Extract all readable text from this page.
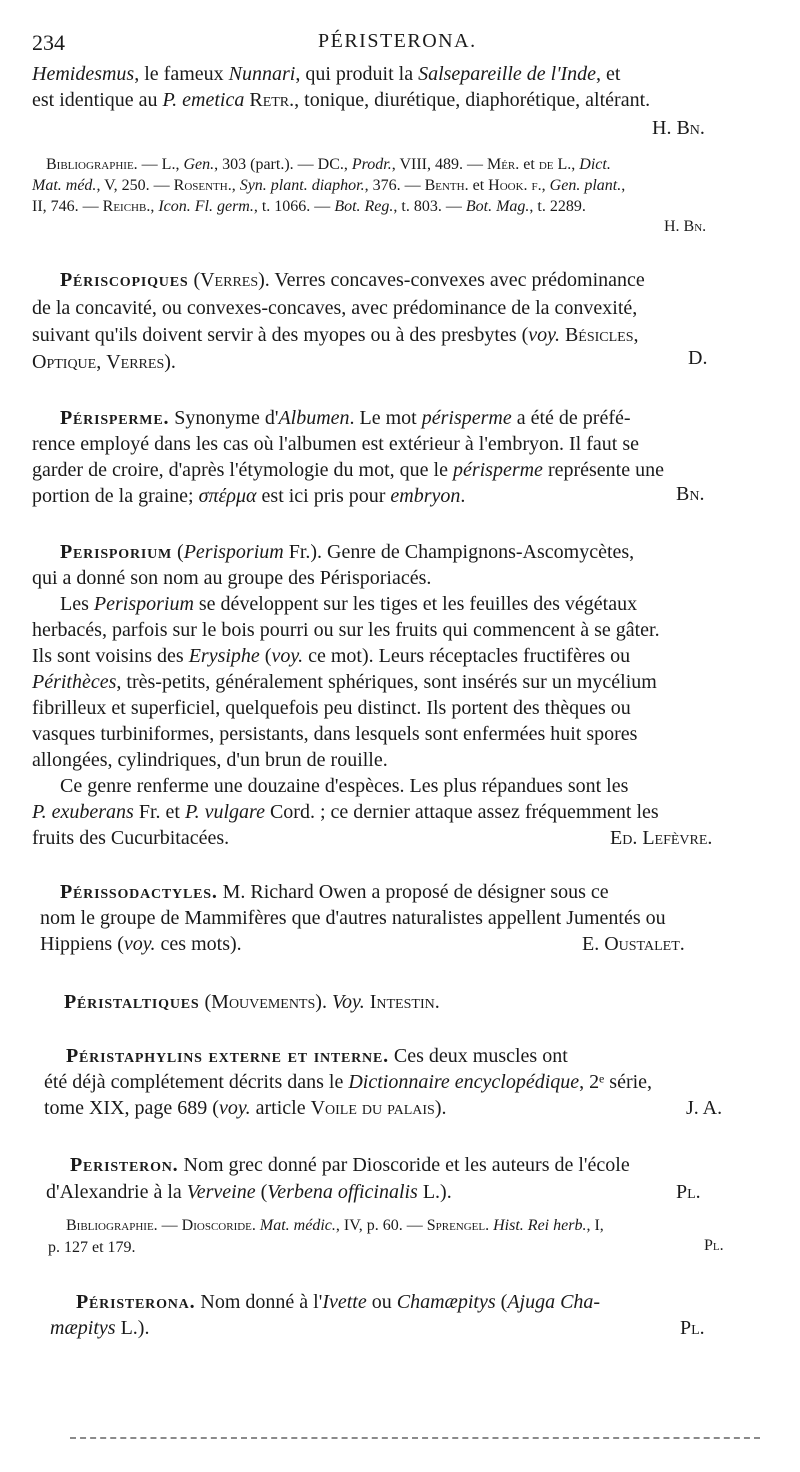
234	PÉRISTERONA.
Hemidesmus, le fameux Nunnari, qui produit la Salsepareille de l'Inde, et
est identique au P. emetica Retr., tonique, diurétique, diaphorétique, altérant.
H. Bn.
Bibliographie. — L., Gen., 303 (part.). — DC., Prodr., VIII, 489. — Mér. et de L., Dict.
Mat. méd., V, 250. — Rosenth., Syn. plant. diaphor., 376. — Benth. et Hook. f., Gen. plant.,
II, 746. — Reichb., Icon. Fl. germ., t. 1066. — Bot. Reg., t. 803. — Bot. Mag., t. 2289.
H. Bn.
Périscopiques (Verres). Verres concaves-convexes avec prédominance
de la concavité, ou convexes-concaves, avec prédominance de la convexité,
suivant qu'ils doivent servir à des myopes ou à des presbytes (voy. Bésicles,
Optique, Verres).	D.
Périsperme. Synonyme d'Albumen. Le mot périsperme a été de préfé-
rence employé dans les cas où l'albumen est extérieur à l'embryon. Il faut se
garder de croire, d'après l'étymologie du mot, que le périsperme représente une
portion de la graine; σπέρμα est ici pris pour embryon.	Bn.
Perisporium (Perisporium Fr.). Genre de Champignons-Ascomycètes,
qui a donné son nom au groupe des Périsporiacés.
Les Perisporium se développent sur les tiges et les feuilles des végétaux
herbacés, parfois sur le bois pourri ou sur les fruits qui commencent à se gâter.
Ils sont voisins des Erysiphe (voy. ce mot). Leurs réceptacles fructifères ou
Périthèces, très-petits, généralement sphériques, sont insérés sur un mycélium
fibrilleux et superficiel, quelquefois peu distinct. Ils portent des thèques ou
vasques turbiniformes, persistants, dans lesquels sont enfermées huit spores
allongées, cylindriques, d'un brun de rouille.
Ce genre renferme une douzaine d'espèces. Les plus répandues sont les
P. exuberans Fr. et P. vulgare Cord. ; ce dernier attaque assez fréquemment les
fruits des Cucurbitacées.	Ed. Lefèvre.
Périssodactyles. M. Richard Owen a proposé de désigner sous ce
nom le groupe de Mammifères que d'autres naturalistes appellent Jumentés ou
Hippiens (voy. ces mots).	E. Oustalet.
Péristaltiques (Mouvements). Voy. Intestin.
Péristaphylins externe et interne. Ces deux muscles ont
été déjà complétement décrits dans le Dictionnaire encyclopédique, 2ᵉ série,
tome XIX, page 689 (voy. article Voile du palais).	J. A.
Peristeron. Nom grec donné par Dioscoride et les auteurs de l'école
d'Alexandrie à la Verveine (Verbena officinalis L.).	Pl.
Bibliographie. — Dioscoride. Mat. médic., IV, p. 60. — Sprengel. Hist. Rei herb., I,
p. 127 et 179.	Pl.
Péristerona. Nom donné à l'Ivette ou Chamæpitys (Ajuga Cha-
mæpitys L.).	Pl.
